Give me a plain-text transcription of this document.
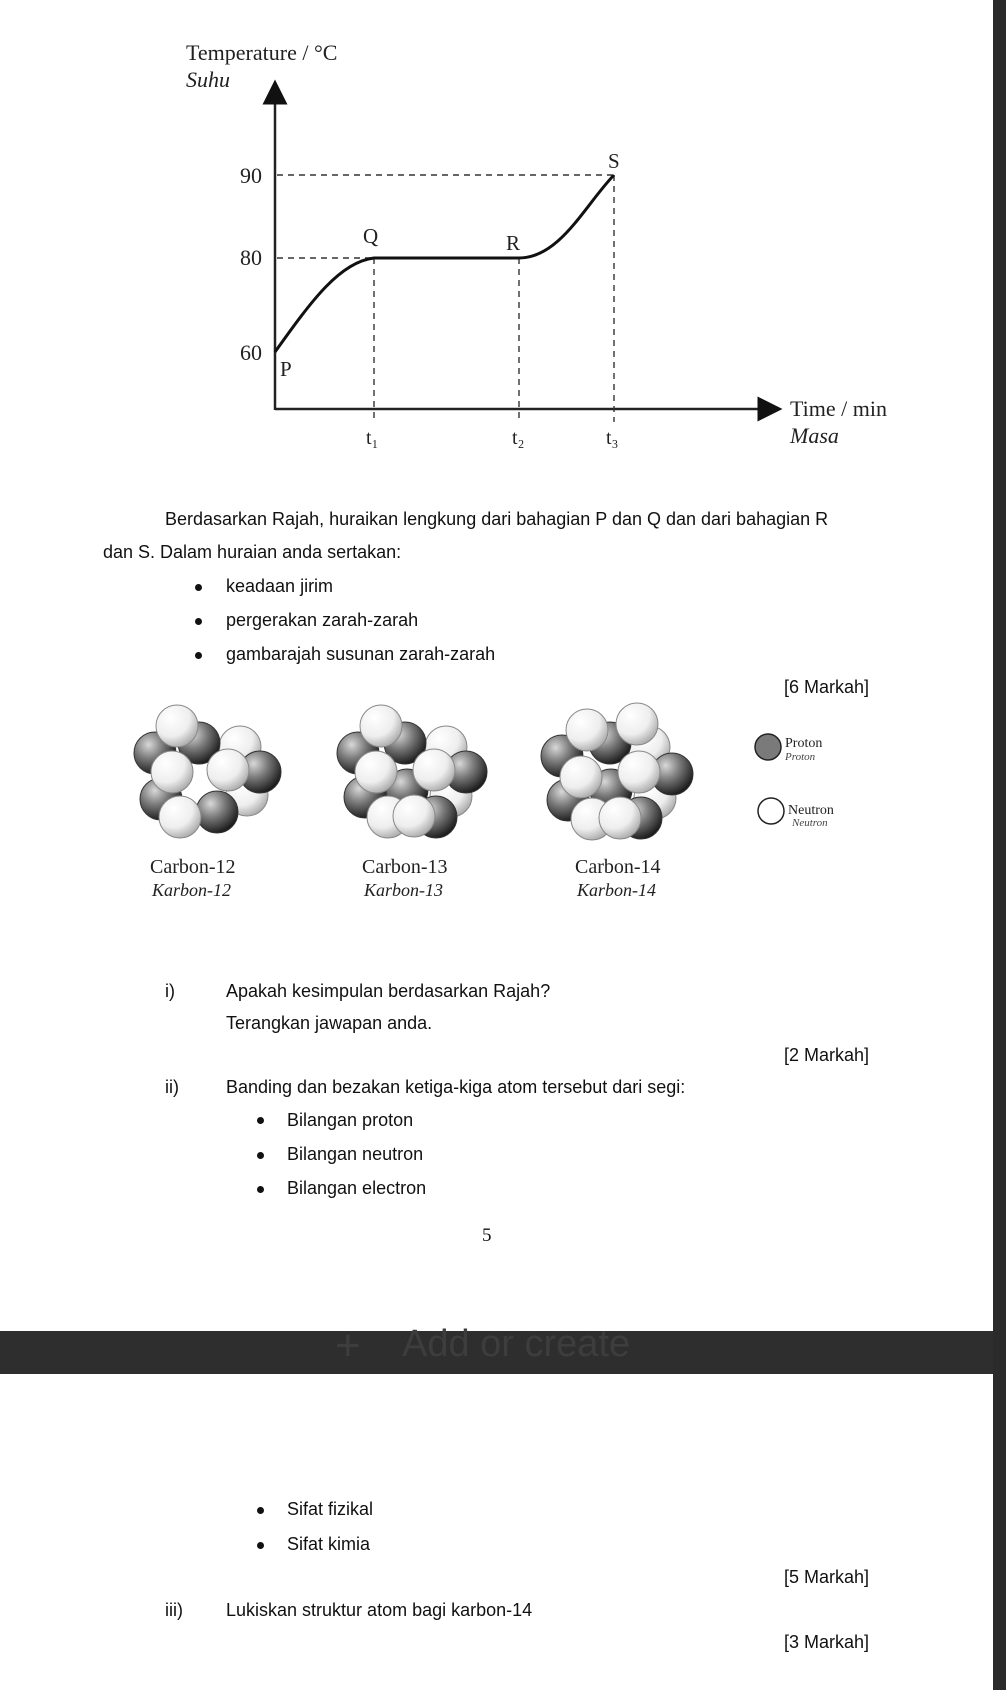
Temperature / °C
Suhu
90
80
60
P
Q	R
S
t₁	t₂	t₃
Time / min
Masa
Berdasarkan Rajah, huraikan lengkung dari bahagian P dan Q dan dari bahagian R
dan S. Dalam huraian anda sertakan:
keadaan jirim
pergerakan zarah-zarah
gambarajah susunan zarah-zarah
[6 Markah]
Proton
Proton
Neutron
Neutron
Carbon-12
Karbon-12
Carbon-13
Karbon-13
Carbon-14
Karbon-14
i)	Apakah kesimpulan berdasarkan Rajah?
Terangkan jawapan anda.
[2 Markah]
ii)	Banding dan bezakan ketiga-kiga atom tersebut dari segi:
Bilangan proton
Bilangan neutron
Bilangan electron
5
+ Add or create
Sifat fizikal
Sifat kimia
[5 Markah]
iii) Lukiskan struktur atom bagi karbon-14
[3 Markah]
